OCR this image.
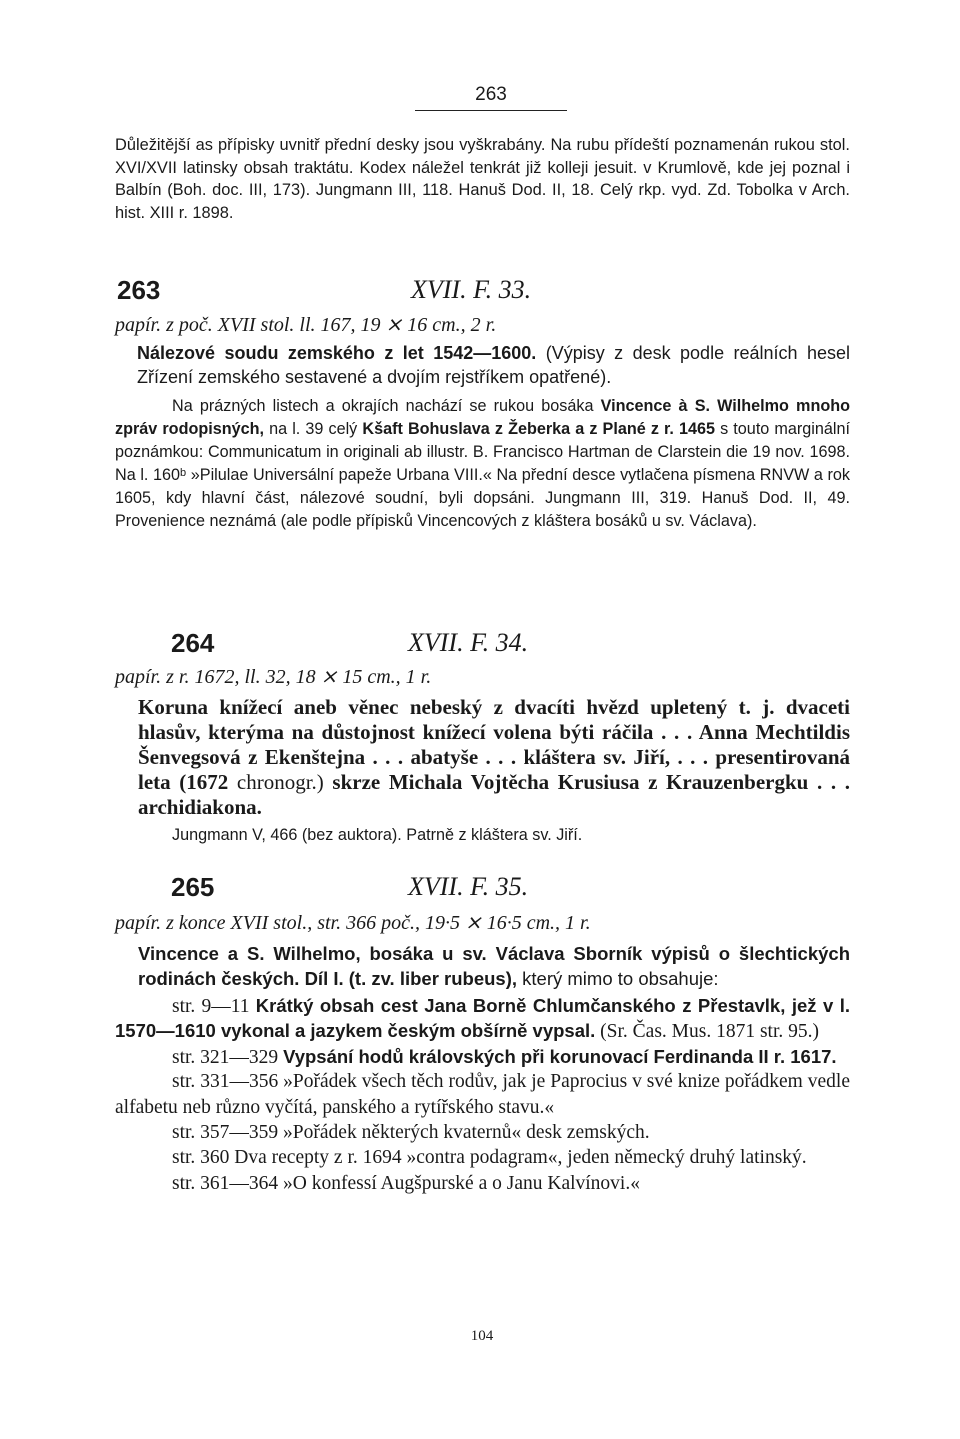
263
Důležitější as přípisky uvnitř přední desky jsou vyškrabány. Na rubu přídeští poznamenán rukou stol. XVI/XVII latinsky obsah traktátu. Kodex náležel tenkrát již kolleji jesuit. v Krumlově, kde jej poznal i Balbín (Boh. doc. III, 173). Jungmann III, 118. Hanuš Dod. II, 18. Celý rkp. vyd. Zd. Tobolka v Arch. hist. XIII r. 1898.
263	XVII. F. 33.
papír. z poč. XVII stol. ll. 167, 19 ⨯ 16 cm., 2 r.
Nálezové soudu zemského z let 1542—1600. (Výpisy z desk podle reálních hesel Zřízení zemského sestavené a dvojím rejstříkem opatřené).
Na prázných listech a okrajích nachází se rukou bosáka Vincence à S. Wilhelmo mnoho zpráv rodopisných, na l. 39 celý Kšaft Bohuslava z Žeberka a z Plané z r. 1465 s touto marginální poznámkou: Communicatum in originali ab illustr. B. Francisco Hartman de Clarstein die 19 nov. 1698. Na l. 160ᵇ »Pilulae Universální papeže Urbana VIII.« Na přední desce vytlačena písmena RNVW a rok 1605, kdy hlavní část, nálezové soudní, byli dopsáni. Jungmann III, 319. Hanuš Dod. II, 49. Provenience neznámá (ale podle přípisků Vincencových z kláštera bosáků u sv. Václava).
264	XVII. F. 34.
papír. z r. 1672, ll. 32, 18 ⨯ 15 cm., 1 r.
Koruna knížecí aneb věnec nebeský z dvacíti hvězd upletený t. j. dvaceti hlasův, kterýma na důstojnost knížecí volena býti ráčila . . . Anna Mechtildis Šenvegsová z Ekenštejna . . . abatyše . . . kláštera sv. Jiří, . . . presentirovaná leta (1672 chronogr.) skrze Michala Vojtěcha Krusiusa z Krauzenbergku . . . archidiakona.
Jungmann V, 466 (bez auktora). Patrně z kláštera sv. Jiří.
265	XVII. F. 35.
papír. z konce XVII stol., str. 366 poč., 19·5 ⨯ 16·5 cm., 1 r.
Vincence a S. Wilhelmo, bosáka u sv. Václava Sborník výpisů o šlechtických rodinách českých. Díl I. (t. zv. liber rubeus), který mimo to obsahuje:
str. 9—11 Krátký obsah cest Jana Borně Chlumčanského z Přestavlk, jež v l. 1570—1610 vykonal a jazykem českým obšírně vypsal. (Sr. Čas. Mus. 1871 str. 95.)
str. 321—329 Vypsání hodů královských při korunovací Ferdinanda II r. 1617.
str. 331—356 »Pořádek všech těch rodův, jak je Paprocius v své knize pořádkem vedle alfabetu neb různo vyčítá, panského a rytířského stavu.«
str. 357—359 »Pořádek některých kvaternů« desk zemských.
str. 360 Dva recepty z r. 1694 »contra podagram«, jeden německý druhý latinský.
str. 361—364 »O konfessí Augšpurské a o Janu Kalvínovi.«
104
